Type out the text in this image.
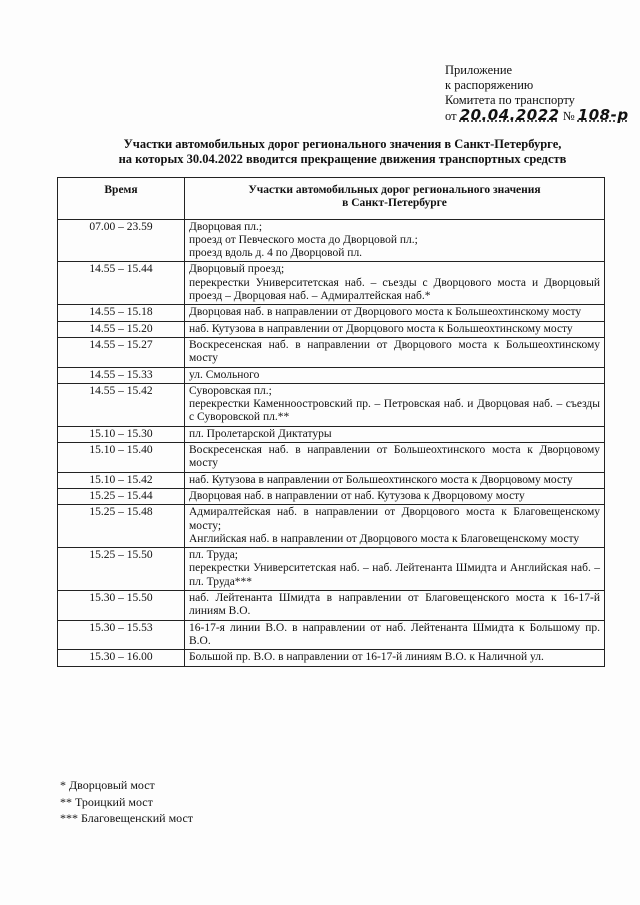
Приложение
к распоряжению
Комитета по транспорту
от 20.04.2022 № 108-р
Участки автомобильных дорог регионального значения в Санкт-Петербурге,
на которых 30.04.2022 вводится прекращение движения транспортных средств
Время	Участки автомобильных дорог регионального значения
в Санкт-Петербурге

07.00 – 23.59	Дворцовая пл.;
проезд от Певческого моста до Дворцовой пл.;
проезд вдоль д. 4 по Дворцовой пл.

14.55 – 15.44	Дворцовый проезд;
перекрестки Университетская наб. – съезды с Дворцового моста и Дворцовый проезд – Дворцовая наб. – Адмиралтейская наб.*

14.55 – 15.18	Дворцовая наб. в направлении от Дворцового моста к Большеохтинскому мосту

14.55 – 15.20	наб. Кутузова в направлении от Дворцового моста к Большеохтинскому мосту

14.55 – 15.27	Воскресенская наб. в направлении от Дворцового моста к Большеохтинскому мосту

14.55 – 15.33	ул. Смольного

14.55 – 15.42	Суворовская пл.;
перекрестки Каменноостровский пр. – Петровская наб. и Дворцовая наб. – съезды с Суворовской пл.**

15.10 – 15.30	пл. Пролетарской Диктатуры

15.10 – 15.40	Воскресенская наб. в направлении от Большеохтинского моста к Дворцовому мосту

15.10 – 15.42	наб. Кутузова в направлении от Большеохтинского моста к Дворцовому мосту

15.25 – 15.44	Дворцовая наб. в направлении от наб. Кутузова к Дворцовому мосту

15.25 – 15.48	Адмиралтейская наб. в направлении от Дворцового моста к Благовещенскому мосту;
Английская наб. в направлении от Дворцового моста к Благовещенскому мосту

15.25 – 15.50	пл. Труда;
перекрестки Университетская наб. – наб. Лейтенанта Шмидта и Английская наб. – пл. Труда***

15.30 – 15.50	наб. Лейтенанта Шмидта в направлении от Благовещенского моста к 16-17-й линиям В.О.

15.30 – 15.53	16-17-я линии В.О. в направлении от наб. Лейтенанта Шмидта к Большому пр. В.О.

15.30 – 16.00	Большой пр. В.О. в направлении от 16-17-й линиям В.О. к Наличной ул.
* Дворцовый мост
** Троицкий мост
*** Благовещенский мост
